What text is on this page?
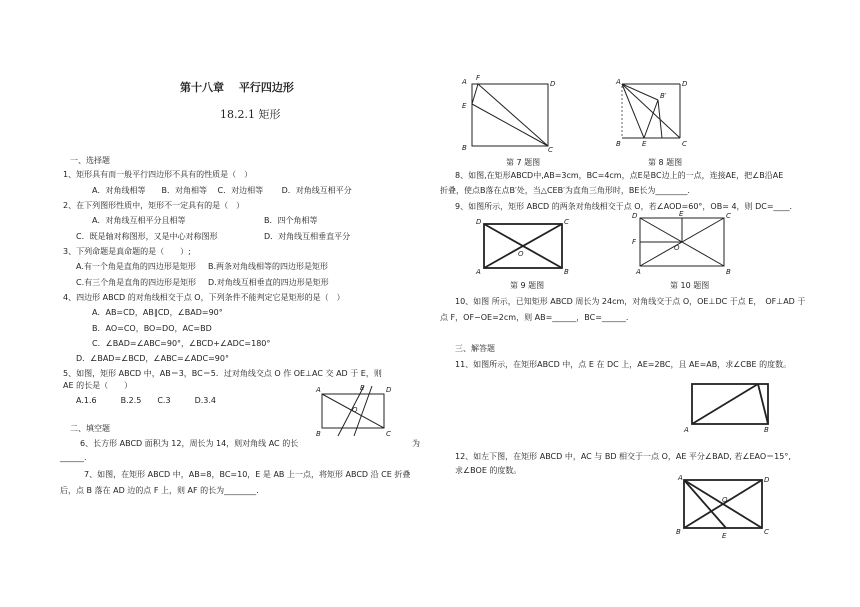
第十八章　 平行四边形
18.2.1 矩形
一、选择题
1、矩形具有而一般平行四边形不具有的性质是（　）
A．对角线相等　　B．对角相等　 C．对边相等　　 D．对角线互相平分
2、在下列图形性质中，矩形不一定具有的是（　）
A．对角线互相平分且相等	B．四个角相等
C．既是轴对称图形，又是中心对称图形	D．对角线互相垂直平分
3、下列命题是真命题的是（　　）;
A.有一个角是直角的四边形是矩形 B.两条对角线相等的四边形是矩形
C.有三个角是直角的四边形是矩形 D.对角线互相垂直的四边形是矩形
4、四边形 ABCD 的对角线相交于点 O，下列条件不能判定它是矩形的是（　）
A．AB=CD，AB∥CD，∠BAD=90°
B．AO=CO，BO=DO，AC=BD
C．∠BAD=∠ABC=90°，∠BCD+∠ADC=180°
D．∠BAD=∠BCD，∠ABC=∠ADC=90°
5、如图，矩形 ABCD 中，AB＝3，BC＝5．过对角线交点 O 作 OE⊥AC 交 AD 于 E，则
AE 的长是（　　）
A.1.6　　　B.2.5　　C.3　　　D.3.4
A	E	D
O
B	C
二、填空题
6、长方形 ABCD 面积为 12，周长为 14，则对角线 AC 的长	为
______.
7、如图，在矩形 ABCD 中，AB=8，BC=10，E 是 AB 上一点，将矩形 ABCD 沿 CE 折叠
后，点 B 落在 AD 边的点 F 上，则 AF 的长为________.
A F
D
E
B	C
第 7 题图
A	D
B′
B	E	C
第 8 题图
8、如图,在矩形ABCD中,AB=3cm，BC=4cm，点E是BC边上的一点，连接AE，把∠B沿AE
折叠，使点B落在点B′处，当△CEB′为直角三角形时，BE长为________.
9、如图所示，矩形 ABCD 的两条对角线相交于点 O，若∠AOD=60°，OB= 4，则 DC=____．
D	C
O
A	B
第 9 题图
D	E	C
F
O
A	B
第 10 题图
10、如图 所示，已知矩形 ABCD 周长为 24cm，对角线交于点 O，OE⊥DC 于点 E，　OF⊥AD 于
点 F，OF−OE=2cm，则 AB=______，BC=______.
三、解答题
11、如图所示，在矩形ABCD 中，点 E 在 DC 上，AE=2BC，且 AE=AB，求∠CBE 的度数。
B
A
12、如左下图，在矩形 ABCD 中，AC 与 BD 相交于一点 O，AE 平分∠BAD, 若∠EAO＝15°,
求∠BOE 的度数。
A	D
O
B	E	C
